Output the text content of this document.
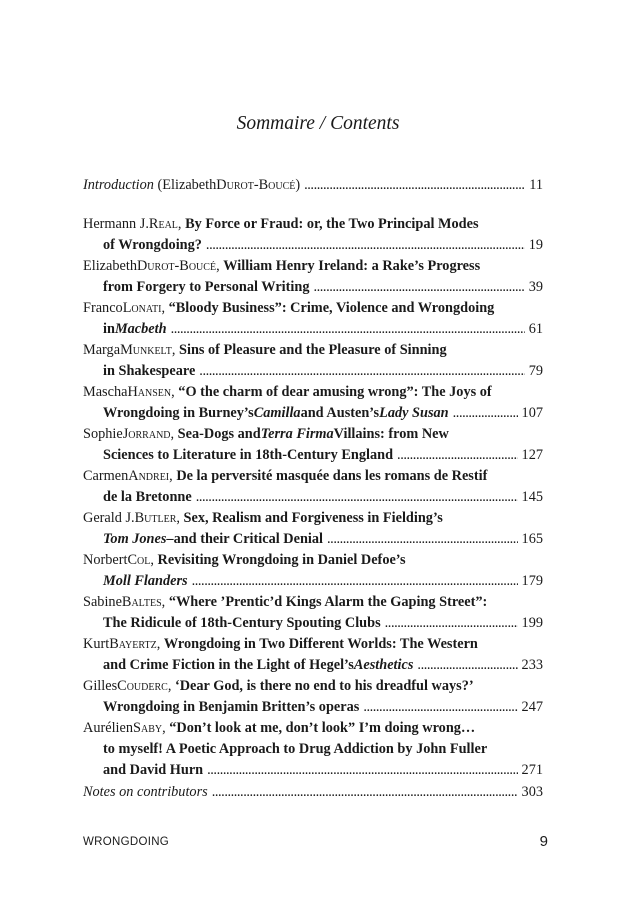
Sommaire / Contents
Introduction
(Elizabeth Durot-Boucé ) . . .	11
Hermann J. Real , By Force or Fraud: or, the Two Principal Modes
of Wrongdoing? . . .	19
Elizabeth Durot-Boucé , William Henry Ireland: a Rake’s Progress
from Forgery to Personal Writing . . .	39
Franco Lonati , “Bloody Business”: Crime, Violence and Wrongdoing
in Macbeth . . .	61
Marga Munkelt , Sins of Pleasure and the Pleasure of Sinning
in Shakespeare . . .	79
Mascha Hansen , “O the charm of dear amusing wrong”: The Joys of
Wrongdoing in Burney’s Camilla and Austen’s Lady Susan . . .	107
Sophie Jorrand , Sea-Dogs and Terra Firma Villains: from New
Sciences to Literature in 18th-Century England . . .	127
Carmen Andrei , De la perversité masquée dans les romans de Restif
de la Bretonne . . .	145
Gerald J. Butler , Sex, Realism and Forgiveness in Fielding’s
Tom Jones –and their Critical Denial . . .	165
Norbert Col , Revisiting Wrongdoing in Daniel Defoe’s
Moll Flanders . . .	179
Sabine Baltes , “Where ’Prentic’d Kings Alarm the Gaping Street”:
The Ridicule of 18th-Century Spouting Clubs . . .	199
Kurt Bayertz , Wrongdoing in Two Different Worlds: The Western
and Crime Fiction in the Light of Hegel’s Aesthetics . . .	233
Gilles Couderc , ‘Dear God, is there no end to his dreadful ways?’
Wrongdoing in Benjamin Britten’s operas . . .	247
Aurélien Saby , “Don’t look at me, don’t look” I’m doing wrong…
to myself! A Poetic Approach to Drug Addiction by John Fuller
and David Hurn . . .	271
Notes on contributors . . .	303
WRONGDOING	9
